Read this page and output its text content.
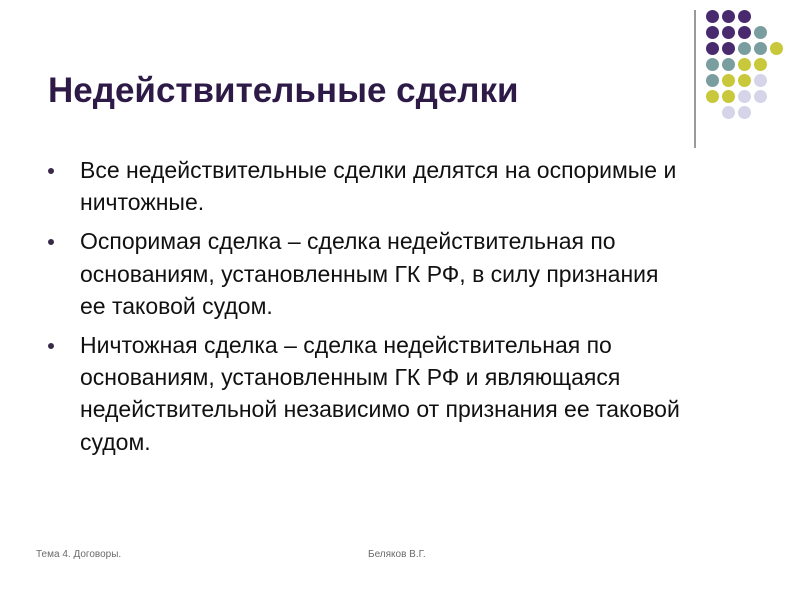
Недействительные сделки
Все недействительные сделки делятся на оспоримые и ничтожные.
Оспоримая сделка – сделка недействительная по основаниям, установленным ГК РФ, в силу признания ее таковой судом.
Ничтожная сделка – сделка недействительная по основаниям, установленным ГК РФ и являющаяся недействительной независимо от признания ее таковой судом.
Тема 4. Договоры.	Беляков В.Г.
